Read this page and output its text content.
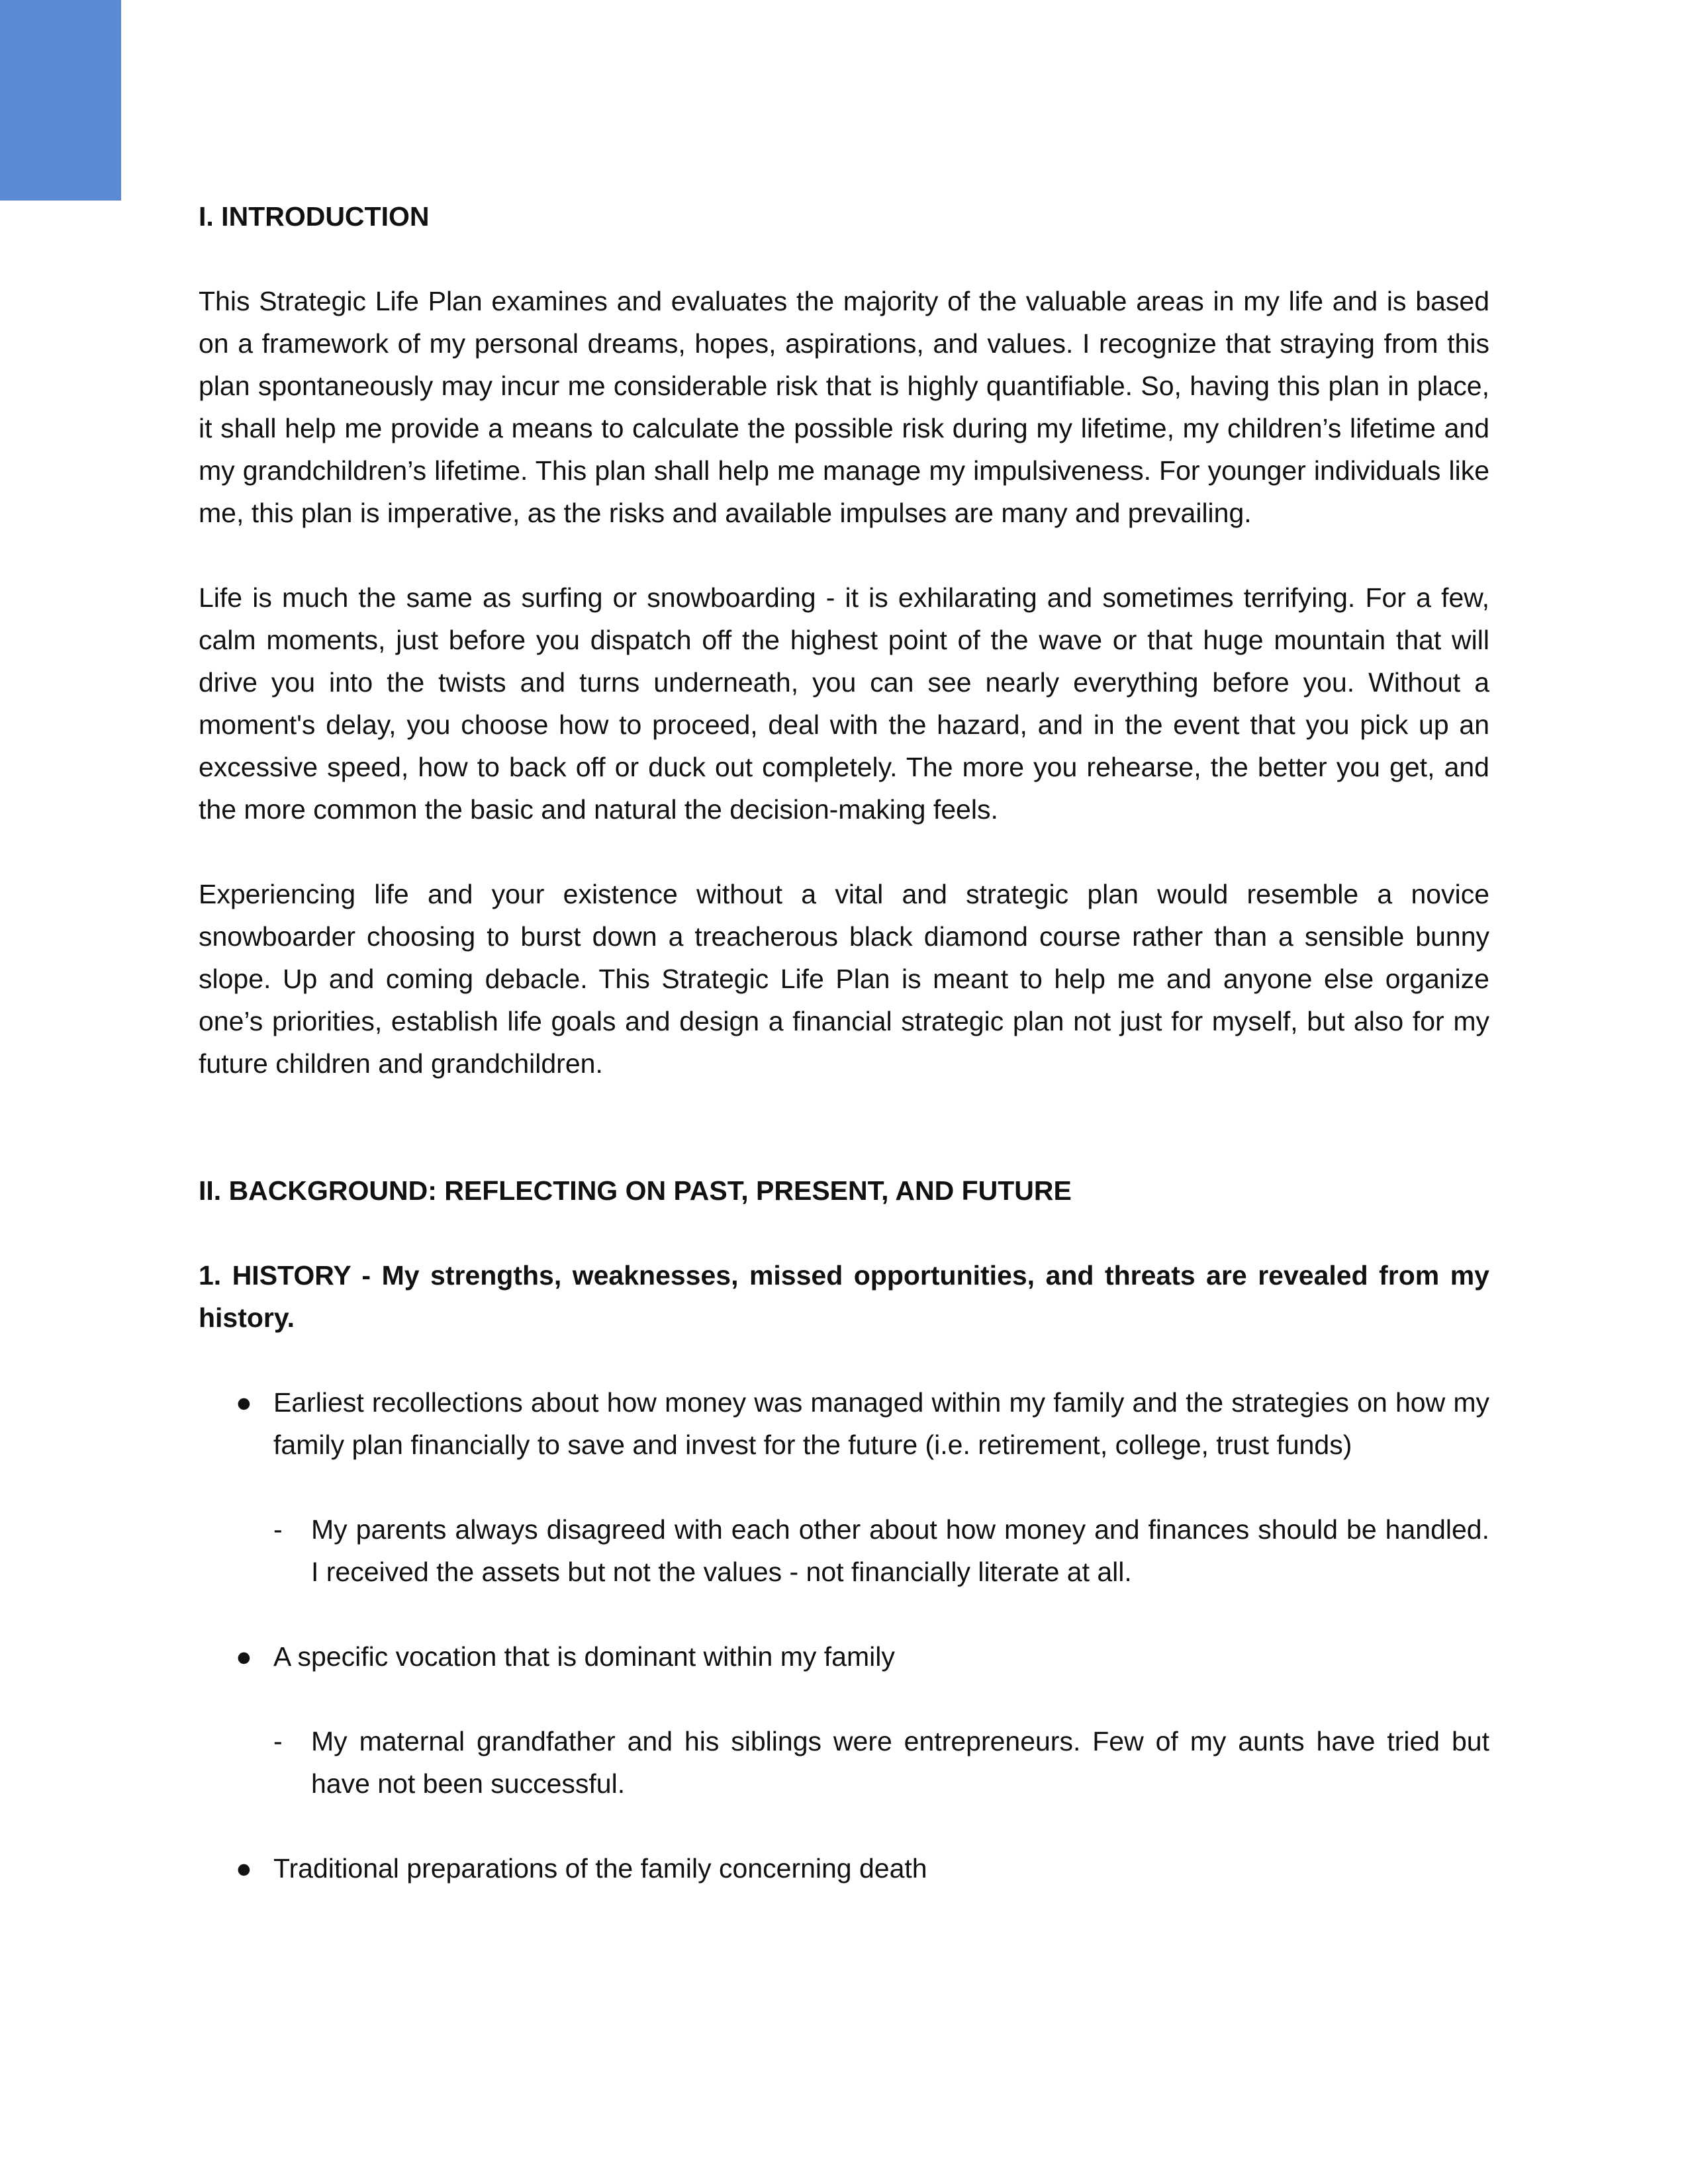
I. INTRODUCTION

This Strategic Life Plan examines and evaluates the majority of the valuable areas in my life and is based on a framework of my personal dreams, hopes, aspirations, and values. I recognize that straying from this plan spontaneously may incur me considerable risk that is highly quantifiable. So, having this plan in place, it shall help me provide a means to calculate the possible risk during my lifetime, my children’s lifetime and my grandchildren’s lifetime. This plan shall help me manage my impulsiveness. For younger individuals like me, this plan is imperative, as the risks and available impulses are many and prevailing.

Life is much the same as surfing or snowboarding - it is exhilarating and sometimes terrifying. For a few, calm moments, just before you dispatch off the highest point of the wave or that huge mountain that will drive you into the twists and turns underneath, you can see nearly everything before you. Without a moment's delay, you choose how to proceed, deal with the hazard, and in the event that you pick up an excessive speed, how to back off or duck out completely. The more you rehearse, the better you get, and the more common the basic and natural the decision-making feels.

Experiencing life and your existence without a vital and strategic plan would resemble a novice snowboarder choosing to burst down a treacherous black diamond course rather than a sensible bunny slope. Up and coming debacle. This Strategic Life Plan is meant to help me and anyone else organize one’s priorities, establish life goals and design a financial strategic plan not just for myself, but also for my future children and grandchildren.

II. BACKGROUND: REFLECTING ON PAST, PRESENT, AND FUTURE

1. HISTORY - My strengths, weaknesses, missed opportunities, and threats are revealed from my history.

● Earliest recollections about how money was managed within my family and the strategies on how my family plan financially to save and invest for the future (i.e. retirement, college, trust funds)
-	My parents always disagreed with each other about how money and finances should be handled. I received the assets but not the values - not financially literate at all.
● A specific vocation that is dominant within my family
-	My maternal grandfather and his siblings were entrepreneurs. Few of my aunts have tried but have not been successful.
● Traditional preparations of the family concerning death
